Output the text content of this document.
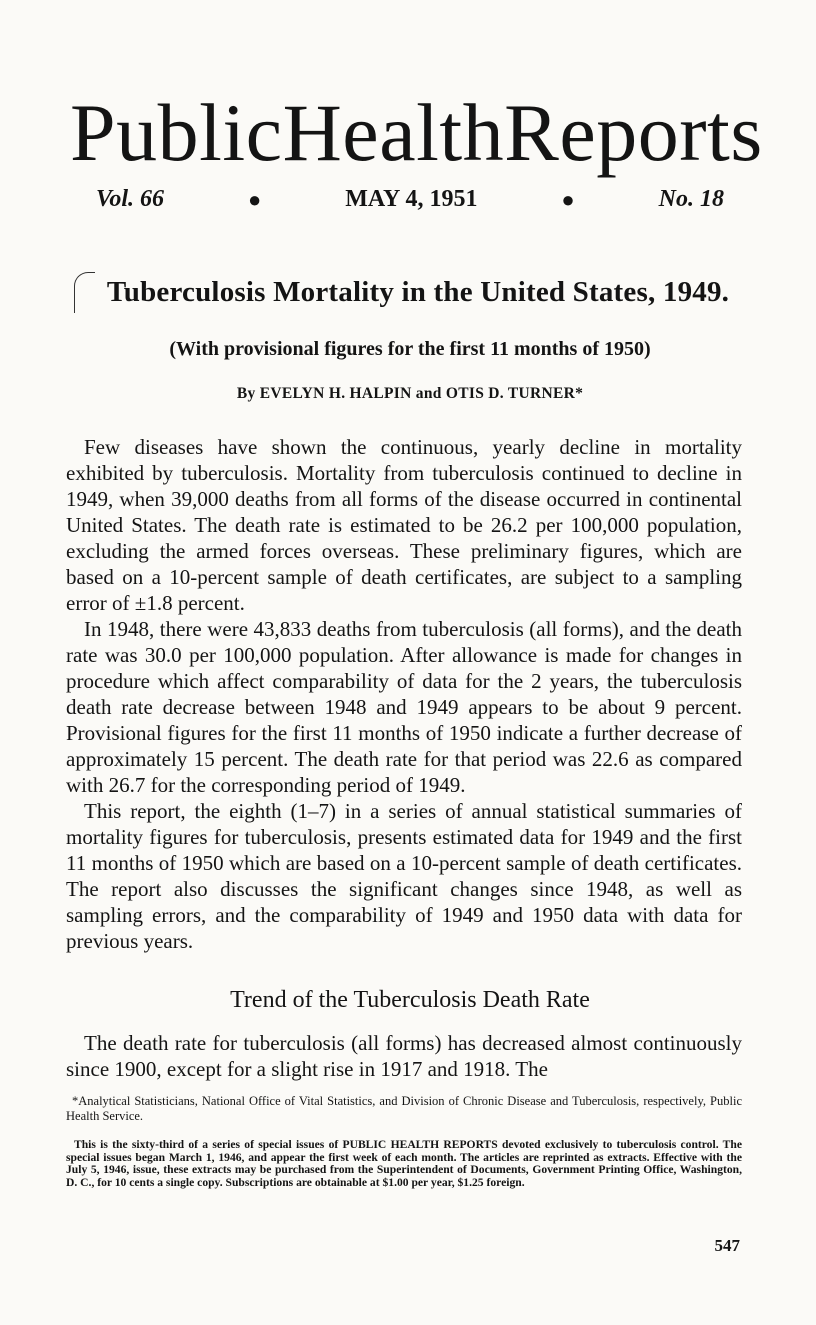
Public Health Reports
Vol. 66	●	MAY 4, 1951	●	No. 18
Tuberculosis Mortality in the United States, 1949.
(With provisional figures for the first 11 months of 1950)
By EVELYN H. HALPIN and OTIS D. TURNER*

Few diseases have shown the continuous, yearly decline in mortality exhibited by tuberculosis. Mortality from tuberculosis continued to decline in 1949, when 39,000 deaths from all forms of the disease occurred in continental United States. The death rate is estimated to be 26.2 per 100,000 population, excluding the armed forces overseas. These preliminary figures, which are based on a 10-percent sample of death certificates, are subject to a sampling error of ±1.8 percent.

In 1948, there were 43,833 deaths from tuberculosis (all forms), and the death rate was 30.0 per 100,000 population. After allowance is made for changes in procedure which affect comparability of data for the 2 years, the tuberculosis death rate decrease between 1948 and 1949 appears to be about 9 percent. Provisional figures for the first 11 months of 1950 indicate a further decrease of approximately 15 percent. The death rate for that period was 22.6 as compared with 26.7 for the corresponding period of 1949.

This report, the eighth (1–7) in a series of annual statistical summaries of mortality figures for tuberculosis, presents estimated data for 1949 and the first 11 months of 1950 which are based on a 10-percent sample of death certificates. The report also discusses the significant changes since 1948, as well as sampling errors, and the comparability of 1949 and 1950 data with data for previous years.

Trend of the Tuberculosis Death Rate

The death rate for tuberculosis (all forms) has decreased almost continuously since 1900, except for a slight rise in 1917 and 1918. The

*Analytical Statisticians, National Office of Vital Statistics, and Division of Chronic Disease and Tuberculosis, respectively, Public Health Service.

This is the sixty-third of a series of special issues of PUBLIC HEALTH REPORTS devoted exclusively to tuberculosis control. The special issues began March 1, 1946, and appear the first week of each month. The articles are reprinted as extracts. Effective with the July 5, 1946, issue, these extracts may be purchased from the Superintendent of Documents, Government Printing Office, Washington, D. C., for 10 cents a single copy. Subscriptions are obtainable at $1.00 per year, $1.25 foreign.

547
